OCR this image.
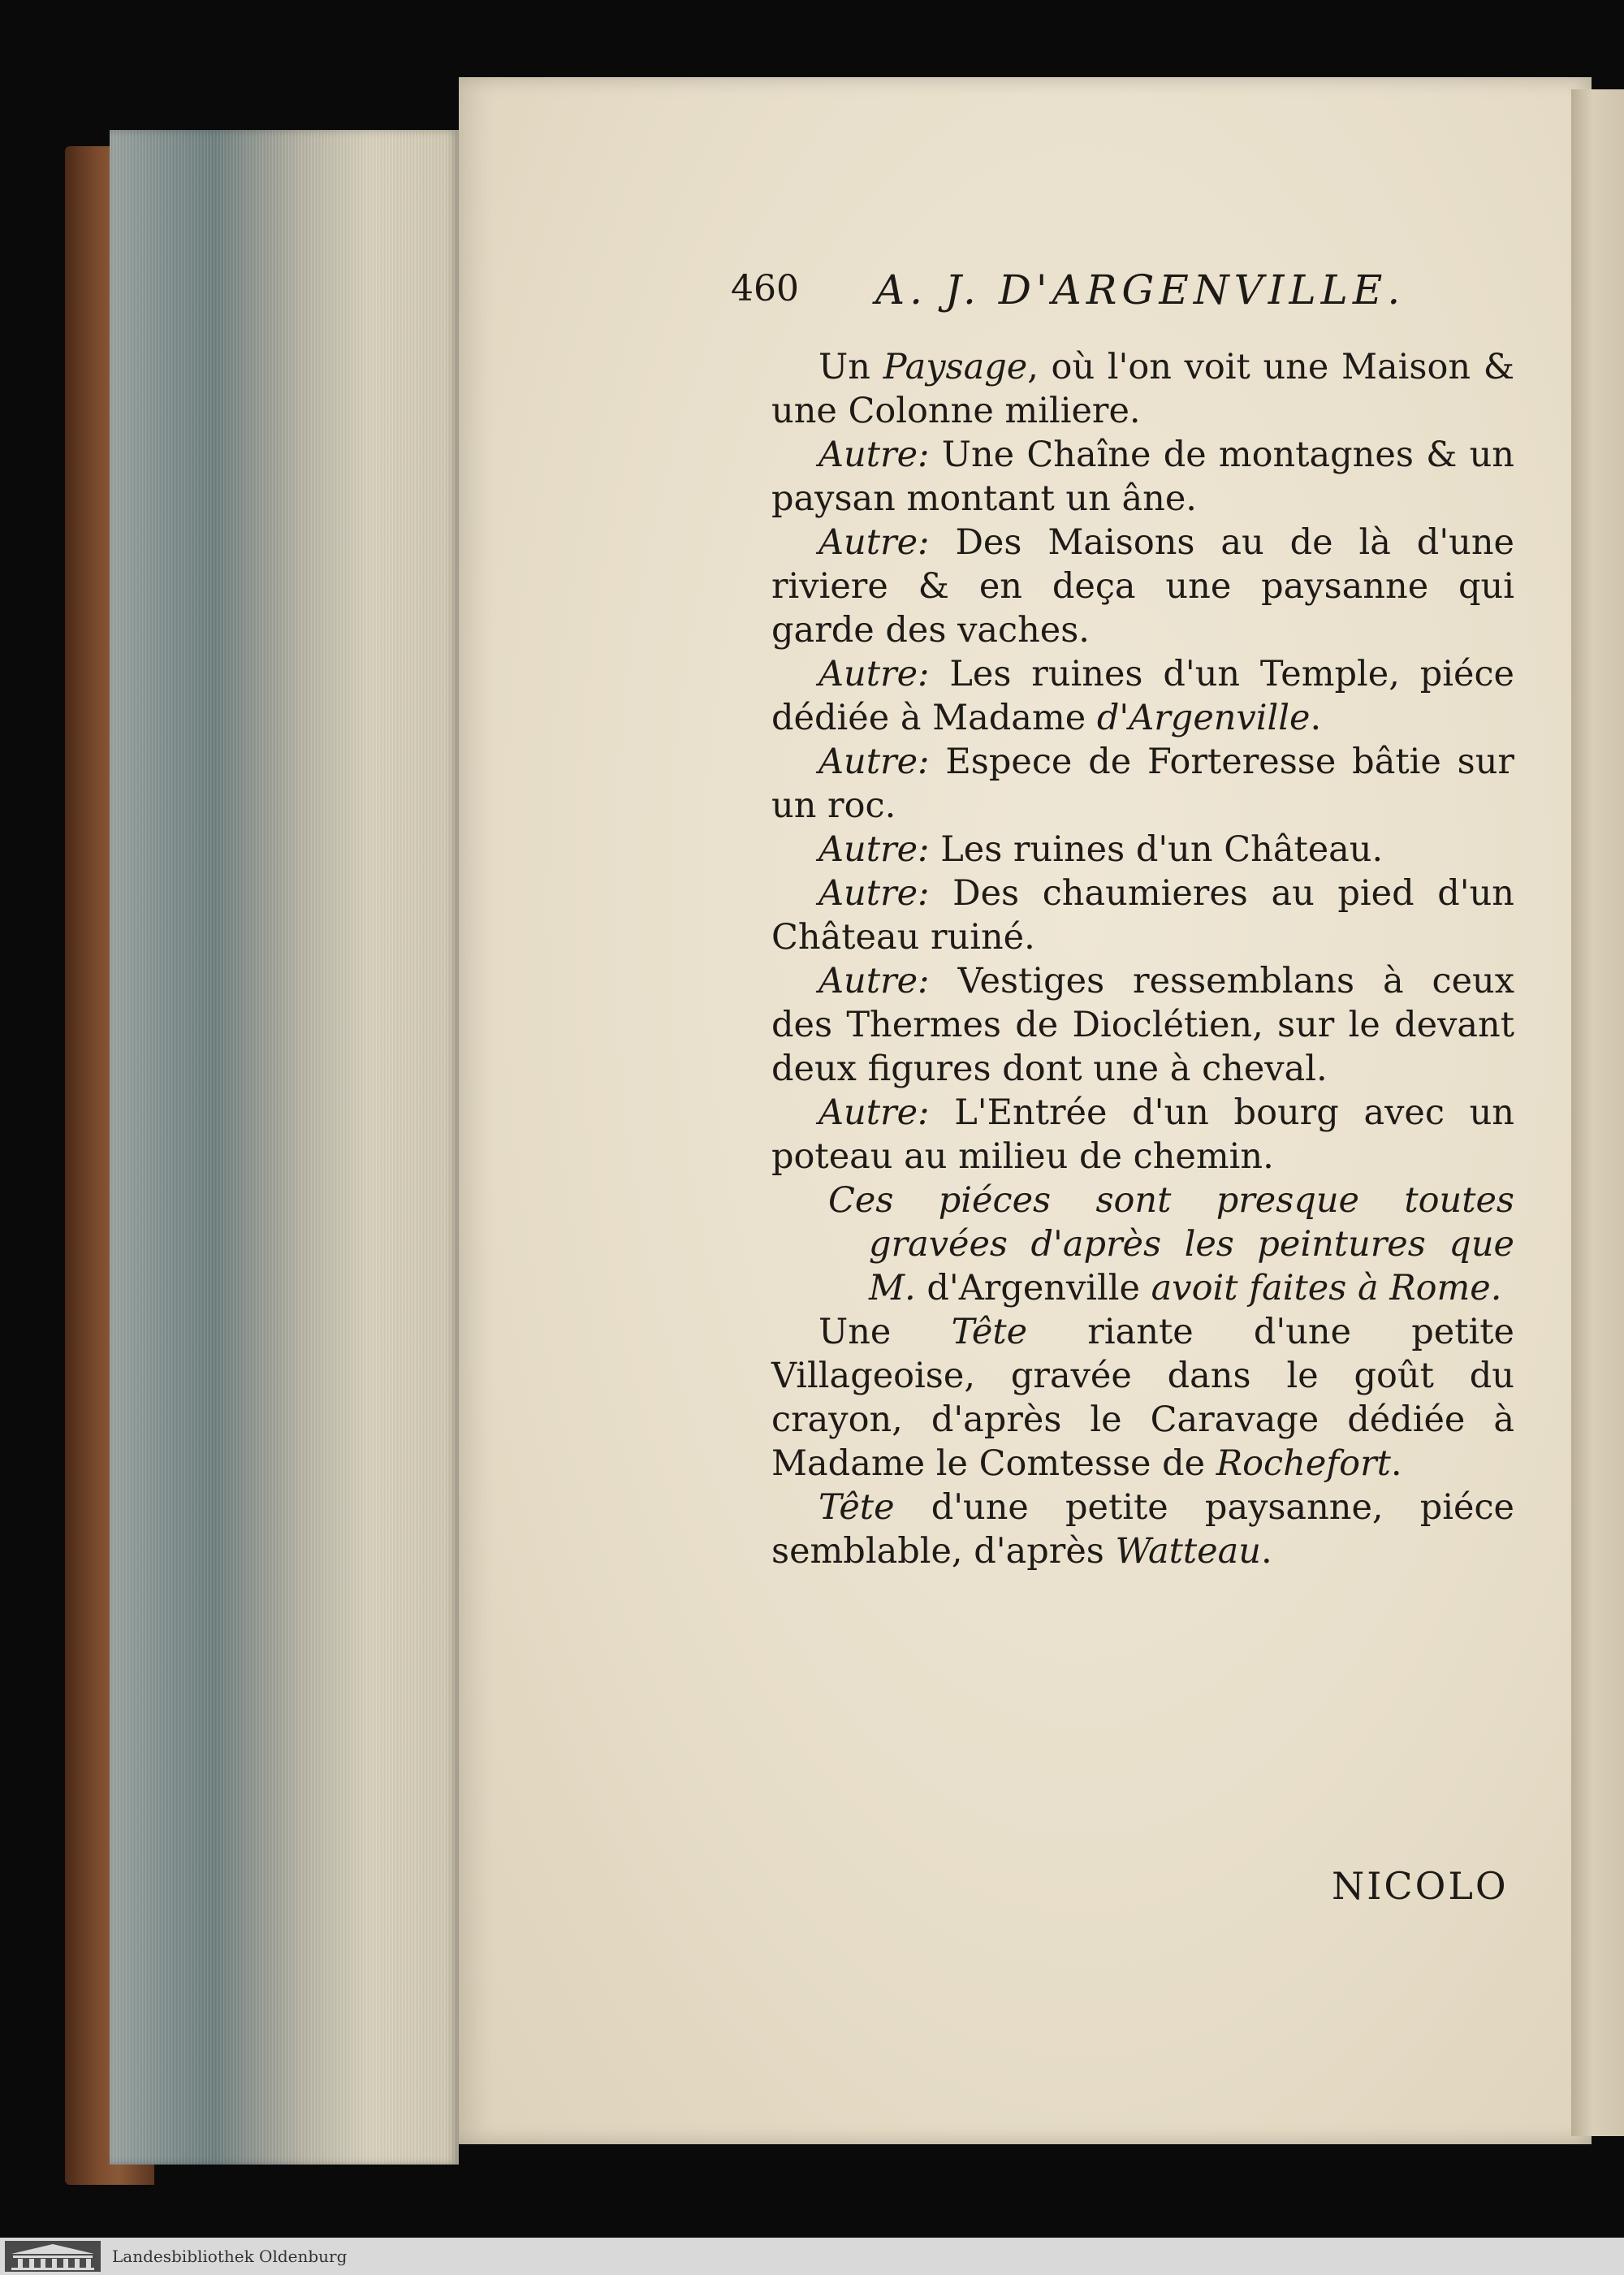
460 A. J. D'ARGENVILLE.

Un Paysage, où l'on voit une Maison & une Colonne miliere.

Autre: Une Chaîne de montagnes & un paysan montant un âne.

Autre: Des Maisons au de là d'une riviere & en deça une paysanne qui garde des vaches.

Autre: Les ruines d'un Temple, piéce dédiée à Madame d'Argenville.

Autre: Espece de Forteresse bâtie sur un roc.

Autre: Les ruines d'un Château.

Autre: Des chaumieres au pied d'un Château ruiné.

Autre: Vestiges ressemblans à ceux des Thermes de Dioclétien, sur le devant deux figures dont une à cheval.

Autre: L'Entrée d'un bourg avec un poteau au milieu de chemin.

Ces piéces sont presque toutes gravées d'après les peintures que M. d'Argenville avoit faites à Rome.

Une Tête riante d'une petite Villageoise, gravée dans le goût du crayon, d'après le Caravage dédiée à Madame le Comtesse de Rochefort.

Tête d'une petite paysanne, piéce semblable, d'après Watteau.

NICOLO
Landesbibliothek Oldenburg
